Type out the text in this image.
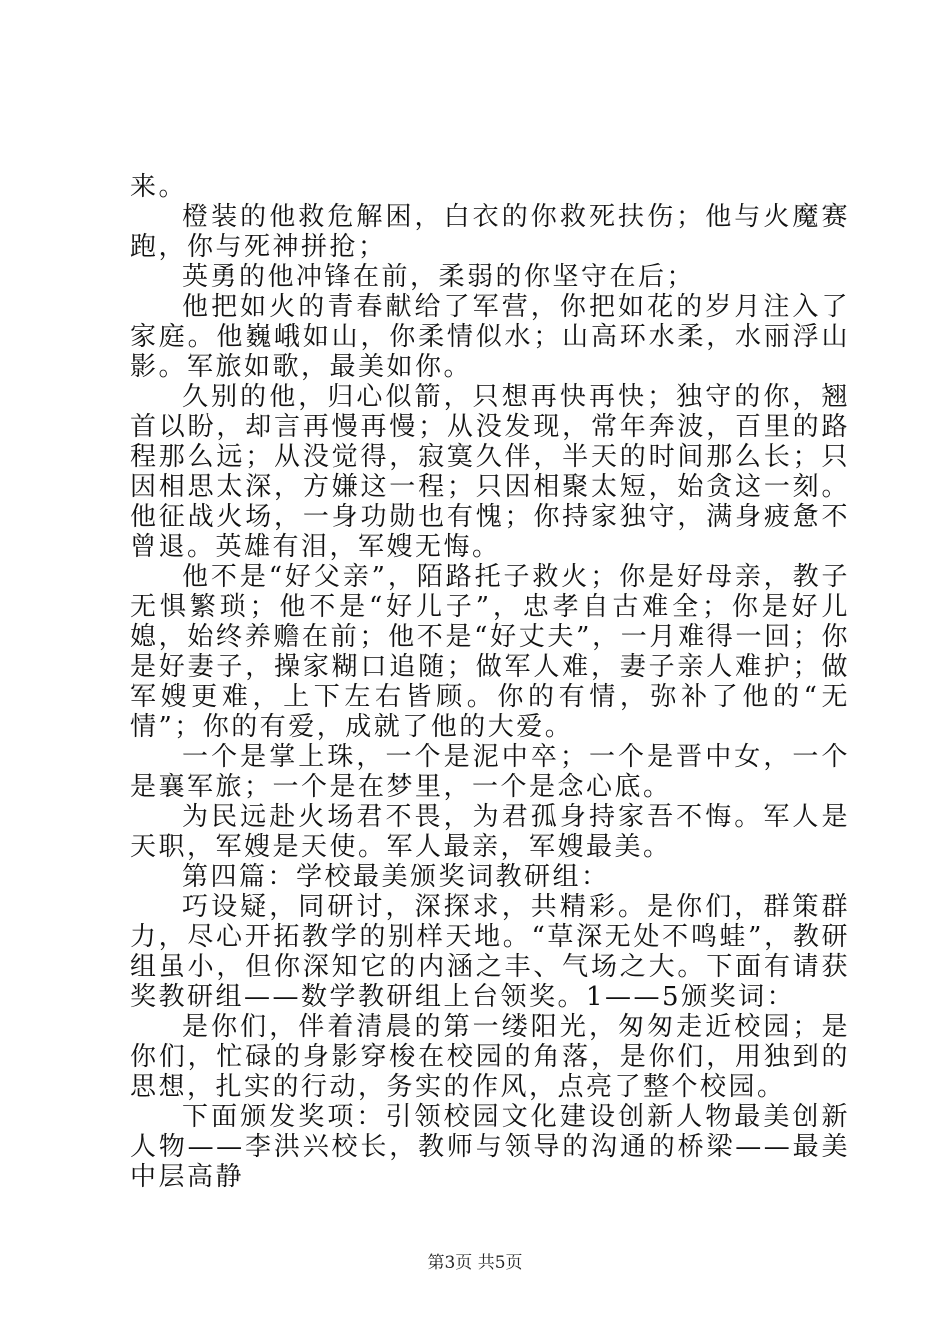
来。

橙装的他救危解困，白衣的你救死扶伤；他与火魔赛跑，你与死神拼抢；

英勇的他冲锋在前，柔弱的你坚守在后；

他把如火的青春献给了军营，你把如花的岁月注入了家庭。他巍峨如山，你柔情似水；山高环水柔，水丽浮山影。军旅如歌，最美如你。

久别的他，归心似箭，只想再快再快；独守的你，翘首以盼，却言再慢再慢；从没发现，常年奔波，百里的路程那么远；从没觉得，寂寞久伴，半天的时间那么长；只因相思太深，方嫌这一程；只因相聚太短，始贪这一刻。他征战火场，一身功勋也有愧；你持家独守，满身疲惫不曾退。英雄有泪，军嫂无悔。

他不是“好父亲”，陌路托子救火；你是好母亲，教子无惧繁琐；他不是“好儿子”，忠孝自古难全；你是好儿媳，始终养赡在前；他不是“好丈夫”，一月难得一回；你是好妻子，操家糊口追随；做军人难，妻子亲人难护；做军嫂更难，上下左右皆顾。你的有情，弥补了他的“无情”；你的有爱，成就了他的大爱。

一个是掌上珠，一个是泥中卒；一个是晋中女，一个是襄军旅；一个是在梦里，一个是念心底。

为民远赴火场君不畏，为君孤身持家吾不悔。军人是天职，军嫂是天使。军人最亲，军嫂最美。

第四篇：学校最美颁奖词教研组：

巧设疑，同研讨，深探求，共精彩。是你们，群策群力，尽心开拓教学的别样天地。“草深无处不鸣蛙”，教研组虽小，但你深知它的内涵之丰、气场之大。下面有请获奖教研组——数学教研组上台领奖。1——5颁奖词：

是你们，伴着清晨的第一缕阳光，匆匆走近校园；是你们，忙碌的身影穿梭在校园的角落，是你们，用独到的思想，扎实的行动，务实的作风，点亮了整个校园。

下面颁发奖项：引领校园文化建设创新人物最美创新人物——李洪兴校长，教师与领导的沟通的桥梁——最美中层高静

第3页 共5页
